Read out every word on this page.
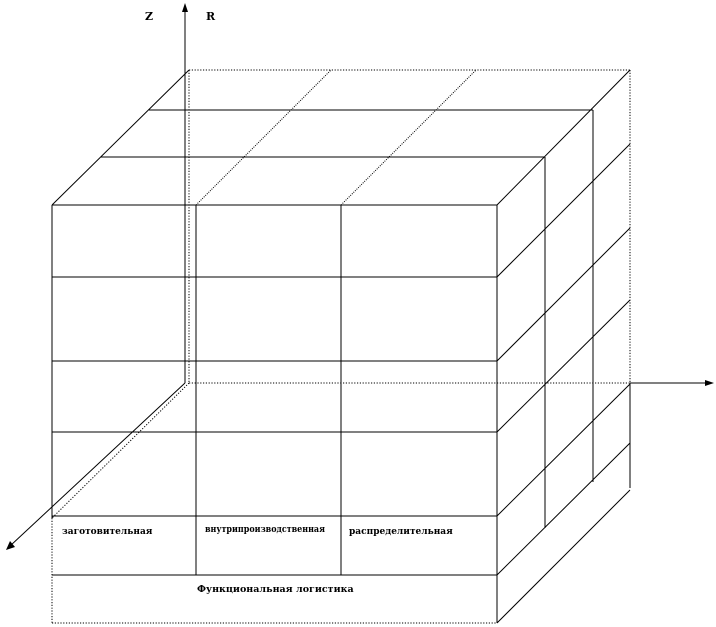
Z	R
заготовительная	внутрипроизводственная	распределительная
Функциональная логистика
